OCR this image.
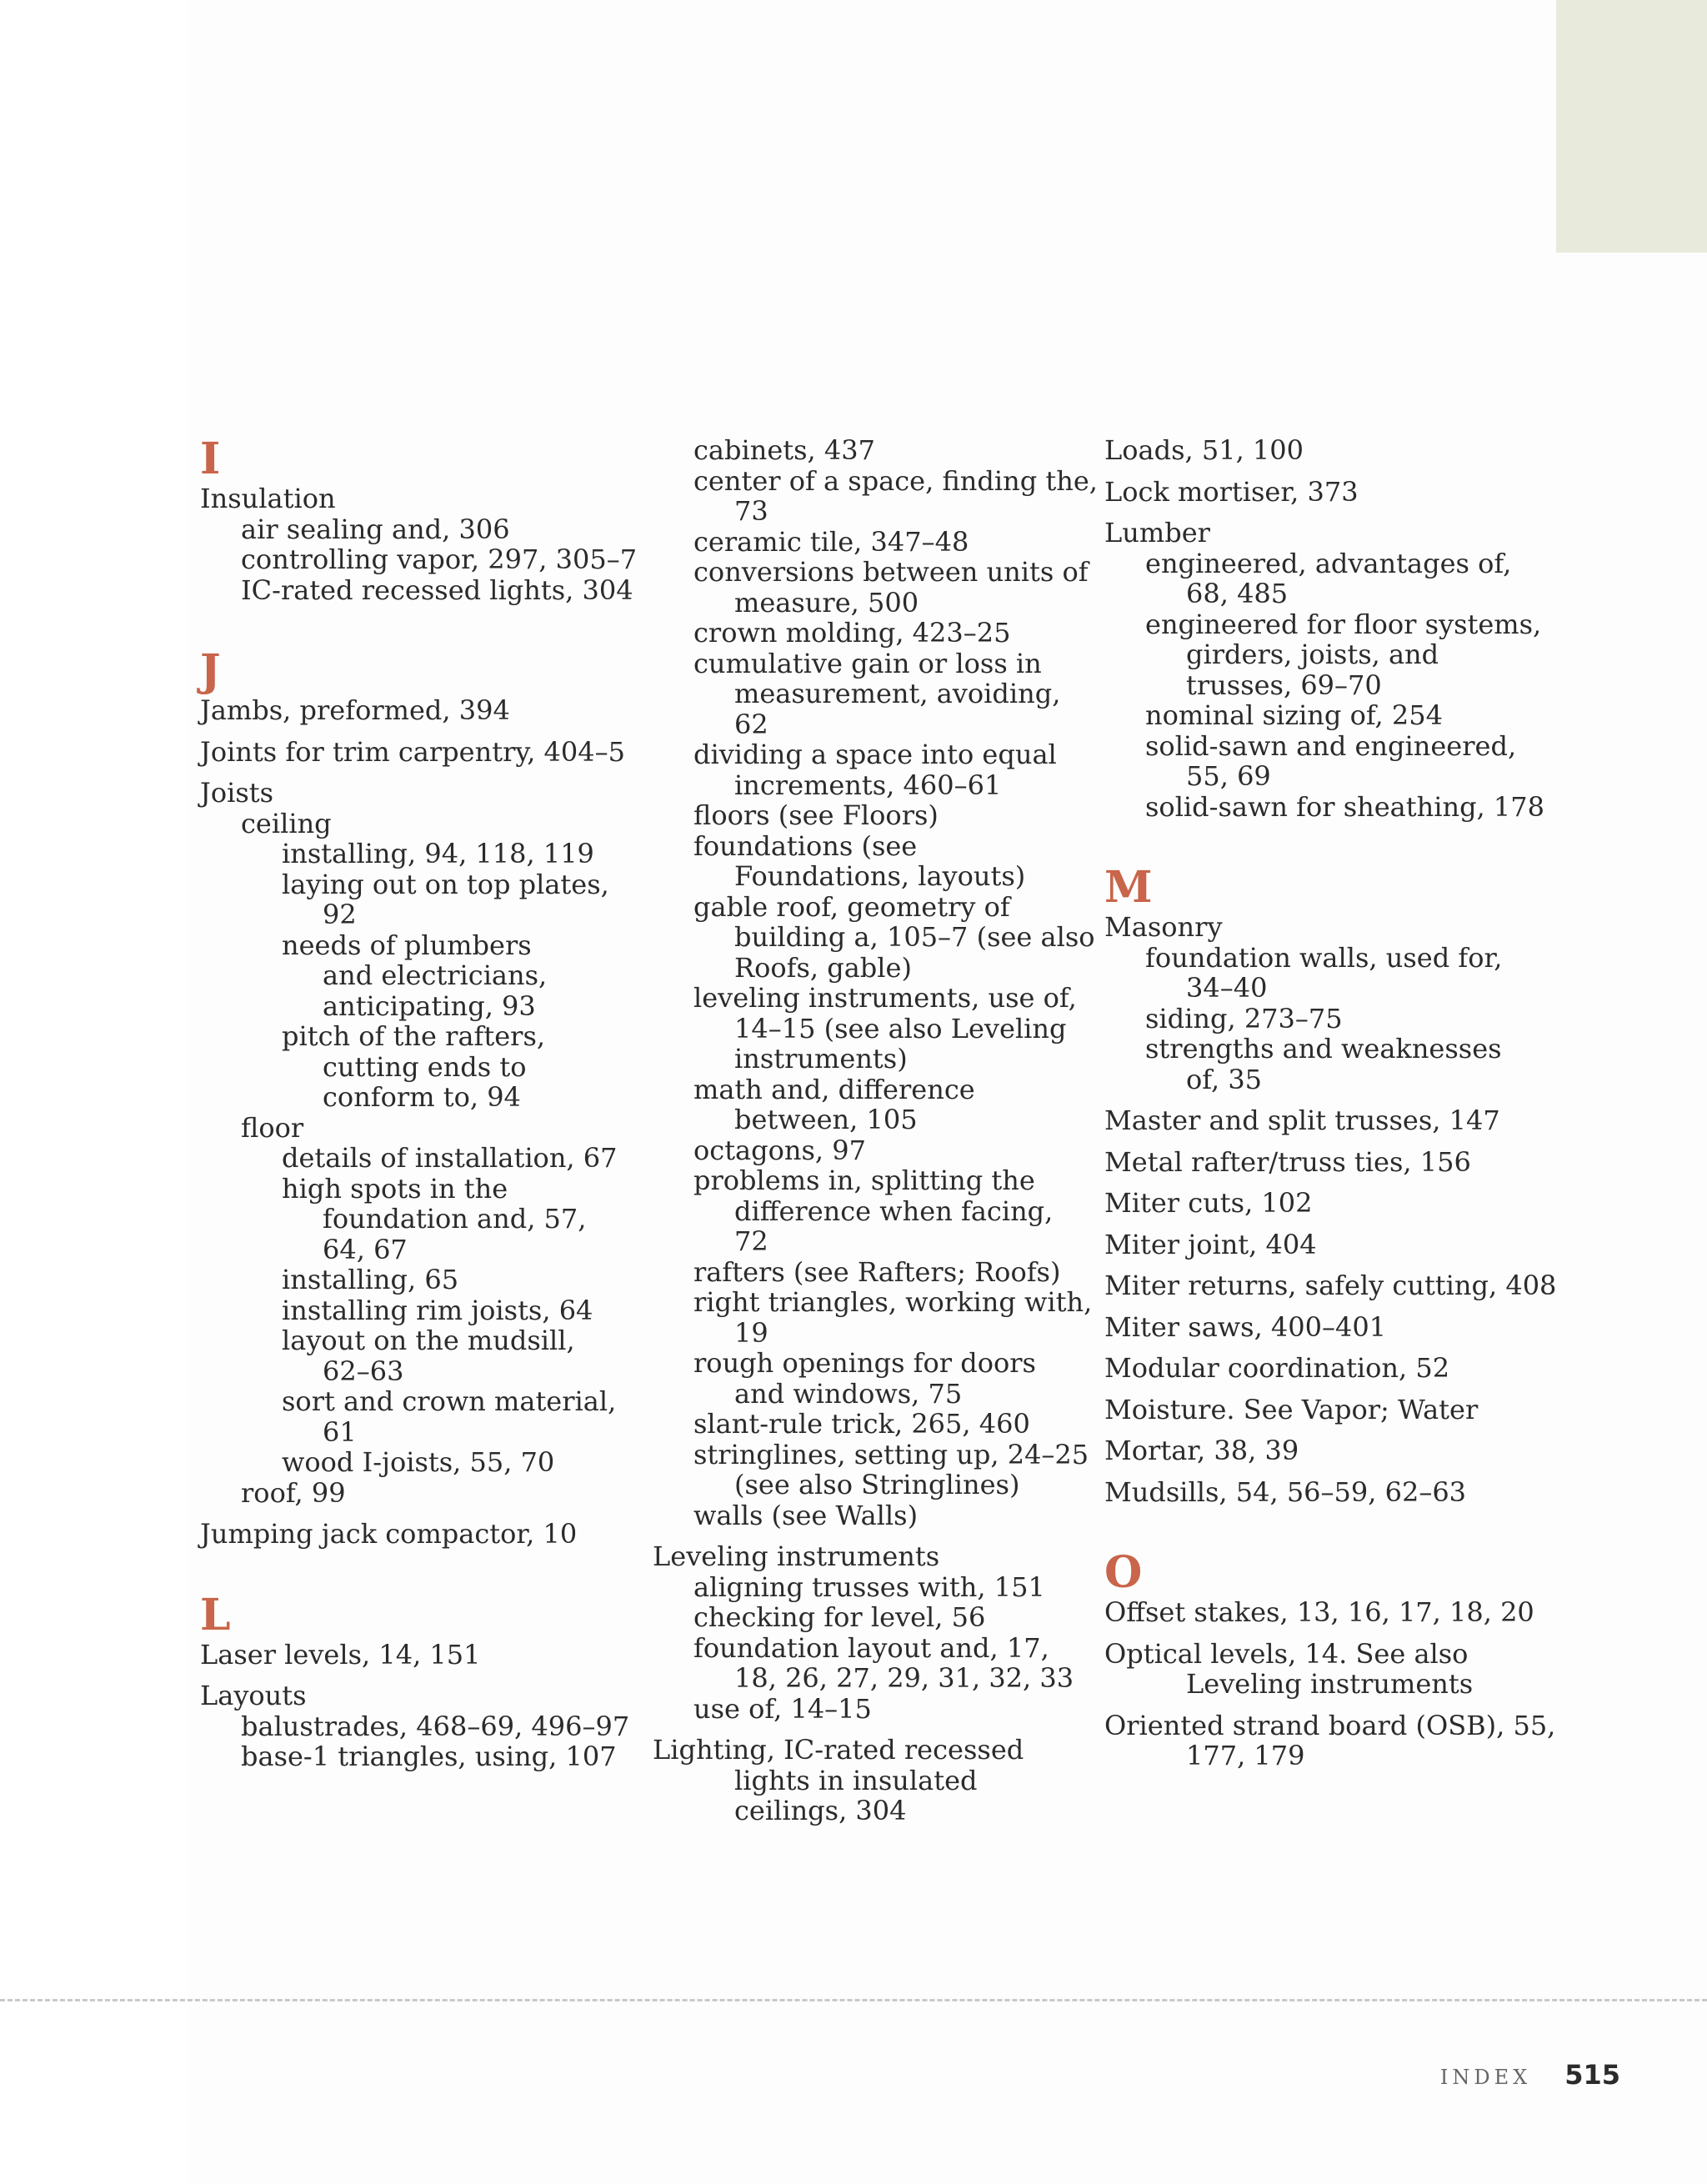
I
Insulation
air sealing and, 306
controlling vapor, 297, 305–7
IC-rated recessed lights, 304
J
Jambs, preformed, 394
Joints for trim carpentry, 404–5
Joists
ceiling
installing, 94, 118, 119
laying out on top plates,
92
needs of plumbers
and electricians,
anticipating, 93
pitch of the rafters,
cutting ends to
conform to, 94
floor
details of installation, 67
high spots in the
foundation and, 57,
64, 67
installing, 65
installing rim joists, 64
layout on the mudsill,
62–63
sort and crown material,
61
wood I-joists, 55, 70
roof, 99
Jumping jack compactor, 10
L
Laser levels, 14, 151
Layouts
balustrades, 468–69, 496–97
base-1 triangles, using, 107
cabinets, 437
center of a space, finding the,
73
ceramic tile, 347–48
conversions between units of
measure, 500
crown molding, 423–25
cumulative gain or loss in
measurement, avoiding,
62
dividing a space into equal
increments, 460–61
floors (see Floors)
foundations (see
Foundations, layouts)
gable roof, geometry of
building a, 105–7 (see also
Roofs, gable)
leveling instruments, use of,
14–15 (see also Leveling
instruments)
math and, difference
between, 105
octagons, 97
problems in, splitting the
difference when facing,
72
rafters (see Rafters; Roofs)
right triangles, working with,
19
rough openings for doors
and windows, 75
slant-rule trick, 265, 460
stringlines, setting up, 24–25
(see also Stringlines)
walls (see Walls)
Leveling instruments
aligning trusses with, 151
checking for level, 56
foundation layout and, 17,
18, 26, 27, 29, 31, 32, 33
use of, 14–15
Lighting, IC-rated recessed
lights in insulated
ceilings, 304
Loads, 51, 100
Lock mortiser, 373
Lumber
engineered, advantages of,
68, 485
engineered for floor systems,
girders, joists, and
trusses, 69–70
nominal sizing of, 254
solid-sawn and engineered,
55, 69
solid-sawn for sheathing, 178
M
Masonry
foundation walls, used for,
34–40
siding, 273–75
strengths and weaknesses
of, 35
Master and split trusses, 147
Metal rafter/truss ties, 156
Miter cuts, 102
Miter joint, 404
Miter returns, safely cutting, 408
Miter saws, 400–401
Modular coordination, 52
Moisture. See Vapor; Water
Mortar, 38, 39
Mudsills, 54, 56–59, 62–63
O
Offset stakes, 13, 16, 17, 18, 20
Optical levels, 14. See also
Leveling instruments
Oriented strand board (OSB), 55,
177, 179
INDEX 515
